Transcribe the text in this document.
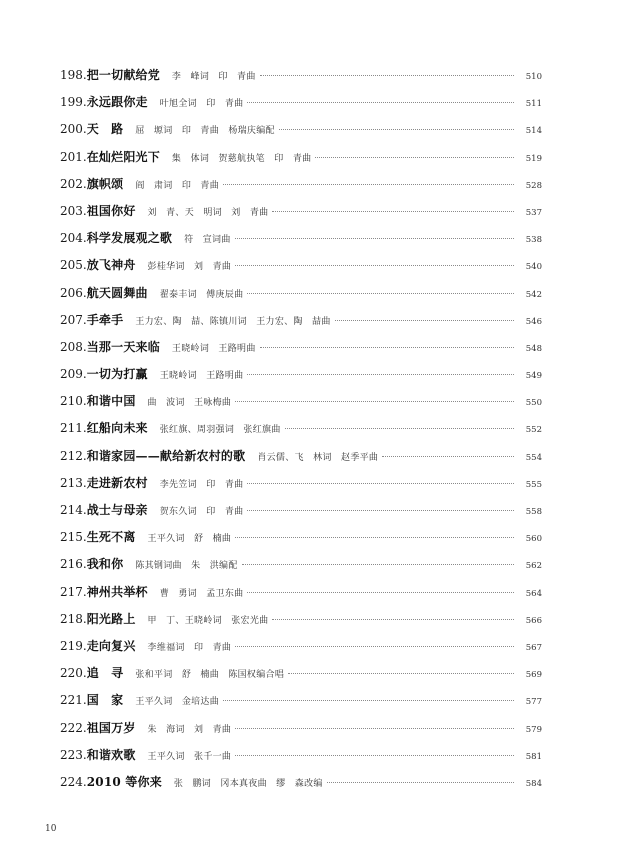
198. 把一切献给党 李　峰词　印　青曲	510
199. 永远跟你走 叶旭全词　印　青曲	511
200. 天　路 屈　塬词　印　青曲　杨瑞庆编配	514
201. 在灿烂阳光下 集　体词　贺慈航执笔　印　青曲	519
202. 旗帜颂 阎　肃词　印　青曲	528
203. 祖国你好 刘　青、天　明词　刘　青曲	537
204. 科学发展观之歌 符　宣词曲	538
205. 放飞神舟 彭桂华词　刘　青曲	540
206. 航天圆舞曲 翟泰丰词　傅庚辰曲	542
207. 手牵手 王力宏、陶　喆、陈镇川词　王力宏、陶　喆曲	546
208. 当那一天来临 王晓岭词　王路明曲	548
209. 一切为打赢 王晓岭词　王路明曲	549
210. 和谐中国 曲　波词　王咏梅曲	550
211. 红船向未来 张红旗、周羽强词　张红旗曲	552
212. 和谐家园——献给新农村的歌 肖云儒、飞　林词　赵季平曲	554
213. 走进新农村 李先笠词　印　青曲	555
214. 战士与母亲 贺东久词　印　青曲	558
215. 生死不离 王平久词　舒　楠曲	560
216. 我和你 陈其钢词曲　朱　洪编配	562
217. 神州共举杯 曹　勇词　孟卫东曲	564
218. 阳光路上 甲　丁、王晓岭词　张宏光曲	566
219. 走向复兴 李维福词　印　青曲	567
220. 追　寻 张和平词　舒　楠曲　陈国权编合唱	569
221. 国　家 王平久词　金培达曲	577
222. 祖国万岁 朱　海词　刘　青曲	579
223. 和谐欢歌 王平久词　张千一曲	581
224. 2010 等你来 张　鹏词　冈本真夜曲　缪　森改编	584
10
